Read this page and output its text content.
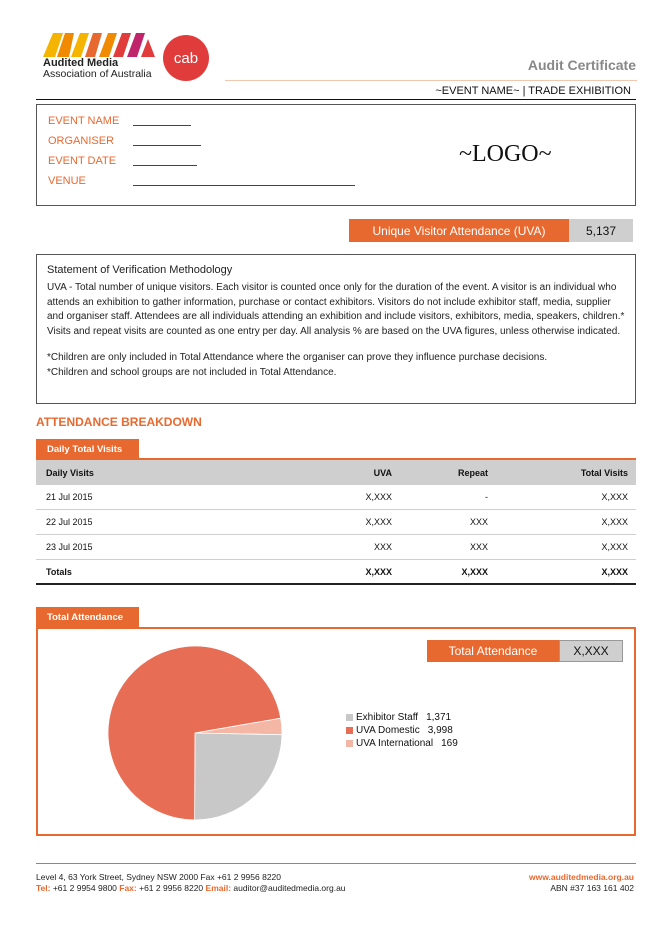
Audited Media
Association of Australia
cab	Audit Certificate
~EVENT NAME~ | TRADE EXHIBITION
EVENT NAME
ORGANISER
EVENT DATE
VENUE
~LOGO~
Unique Visitor Attendance (UVA)	5,137
Statement of Verification Methodology
UVA - Total number of unique visitors. Each visitor is counted once only for the duration of the event. A visitor is an individual who attends an exhibition to gather information, purchase or contact exhibitors. Visitors do not include exhibitor staff, media, supplier and organiser staff. Attendees are all individuals attending an exhibition and include visitors, exhibitors, media, speakers, children.* Visits and repeat visits are counted as one entry per day. All analysis % are based on the UVA figures, unless otherwise indicated.
*Children are only included in Total Attendance where the organiser can prove they influence purchase decisions.
*Children and school groups are not included in Total Attendance.
ATTENDANCE BREAKDOWN
Daily Total Visits
Daily Visits	UVA	Repeat	Total Visits
21 Jul 2015	X,XXX	-	X,XXX
22 Jul 2015	X,XXX	XXX	X,XXX
23 Jul 2015	XXX	XXX	X,XXX
Totals	X,XXX	X,XXX	X,XXX
Total Attendance
Total Attendance	X,XXX
Exhibitor Staff 1,371
UVA Domestic 3,998
UVA International 169
Level 4, 63 York Street, Sydney NSW 2000 Fax +61 2 9956 8220
Tel: +61 2 9954 9800 Fax: +61 2 9956 8220 Email: auditor@auditedmedia.org.au
www.auditedmedia.org.au
ABN #37 163 161 402
